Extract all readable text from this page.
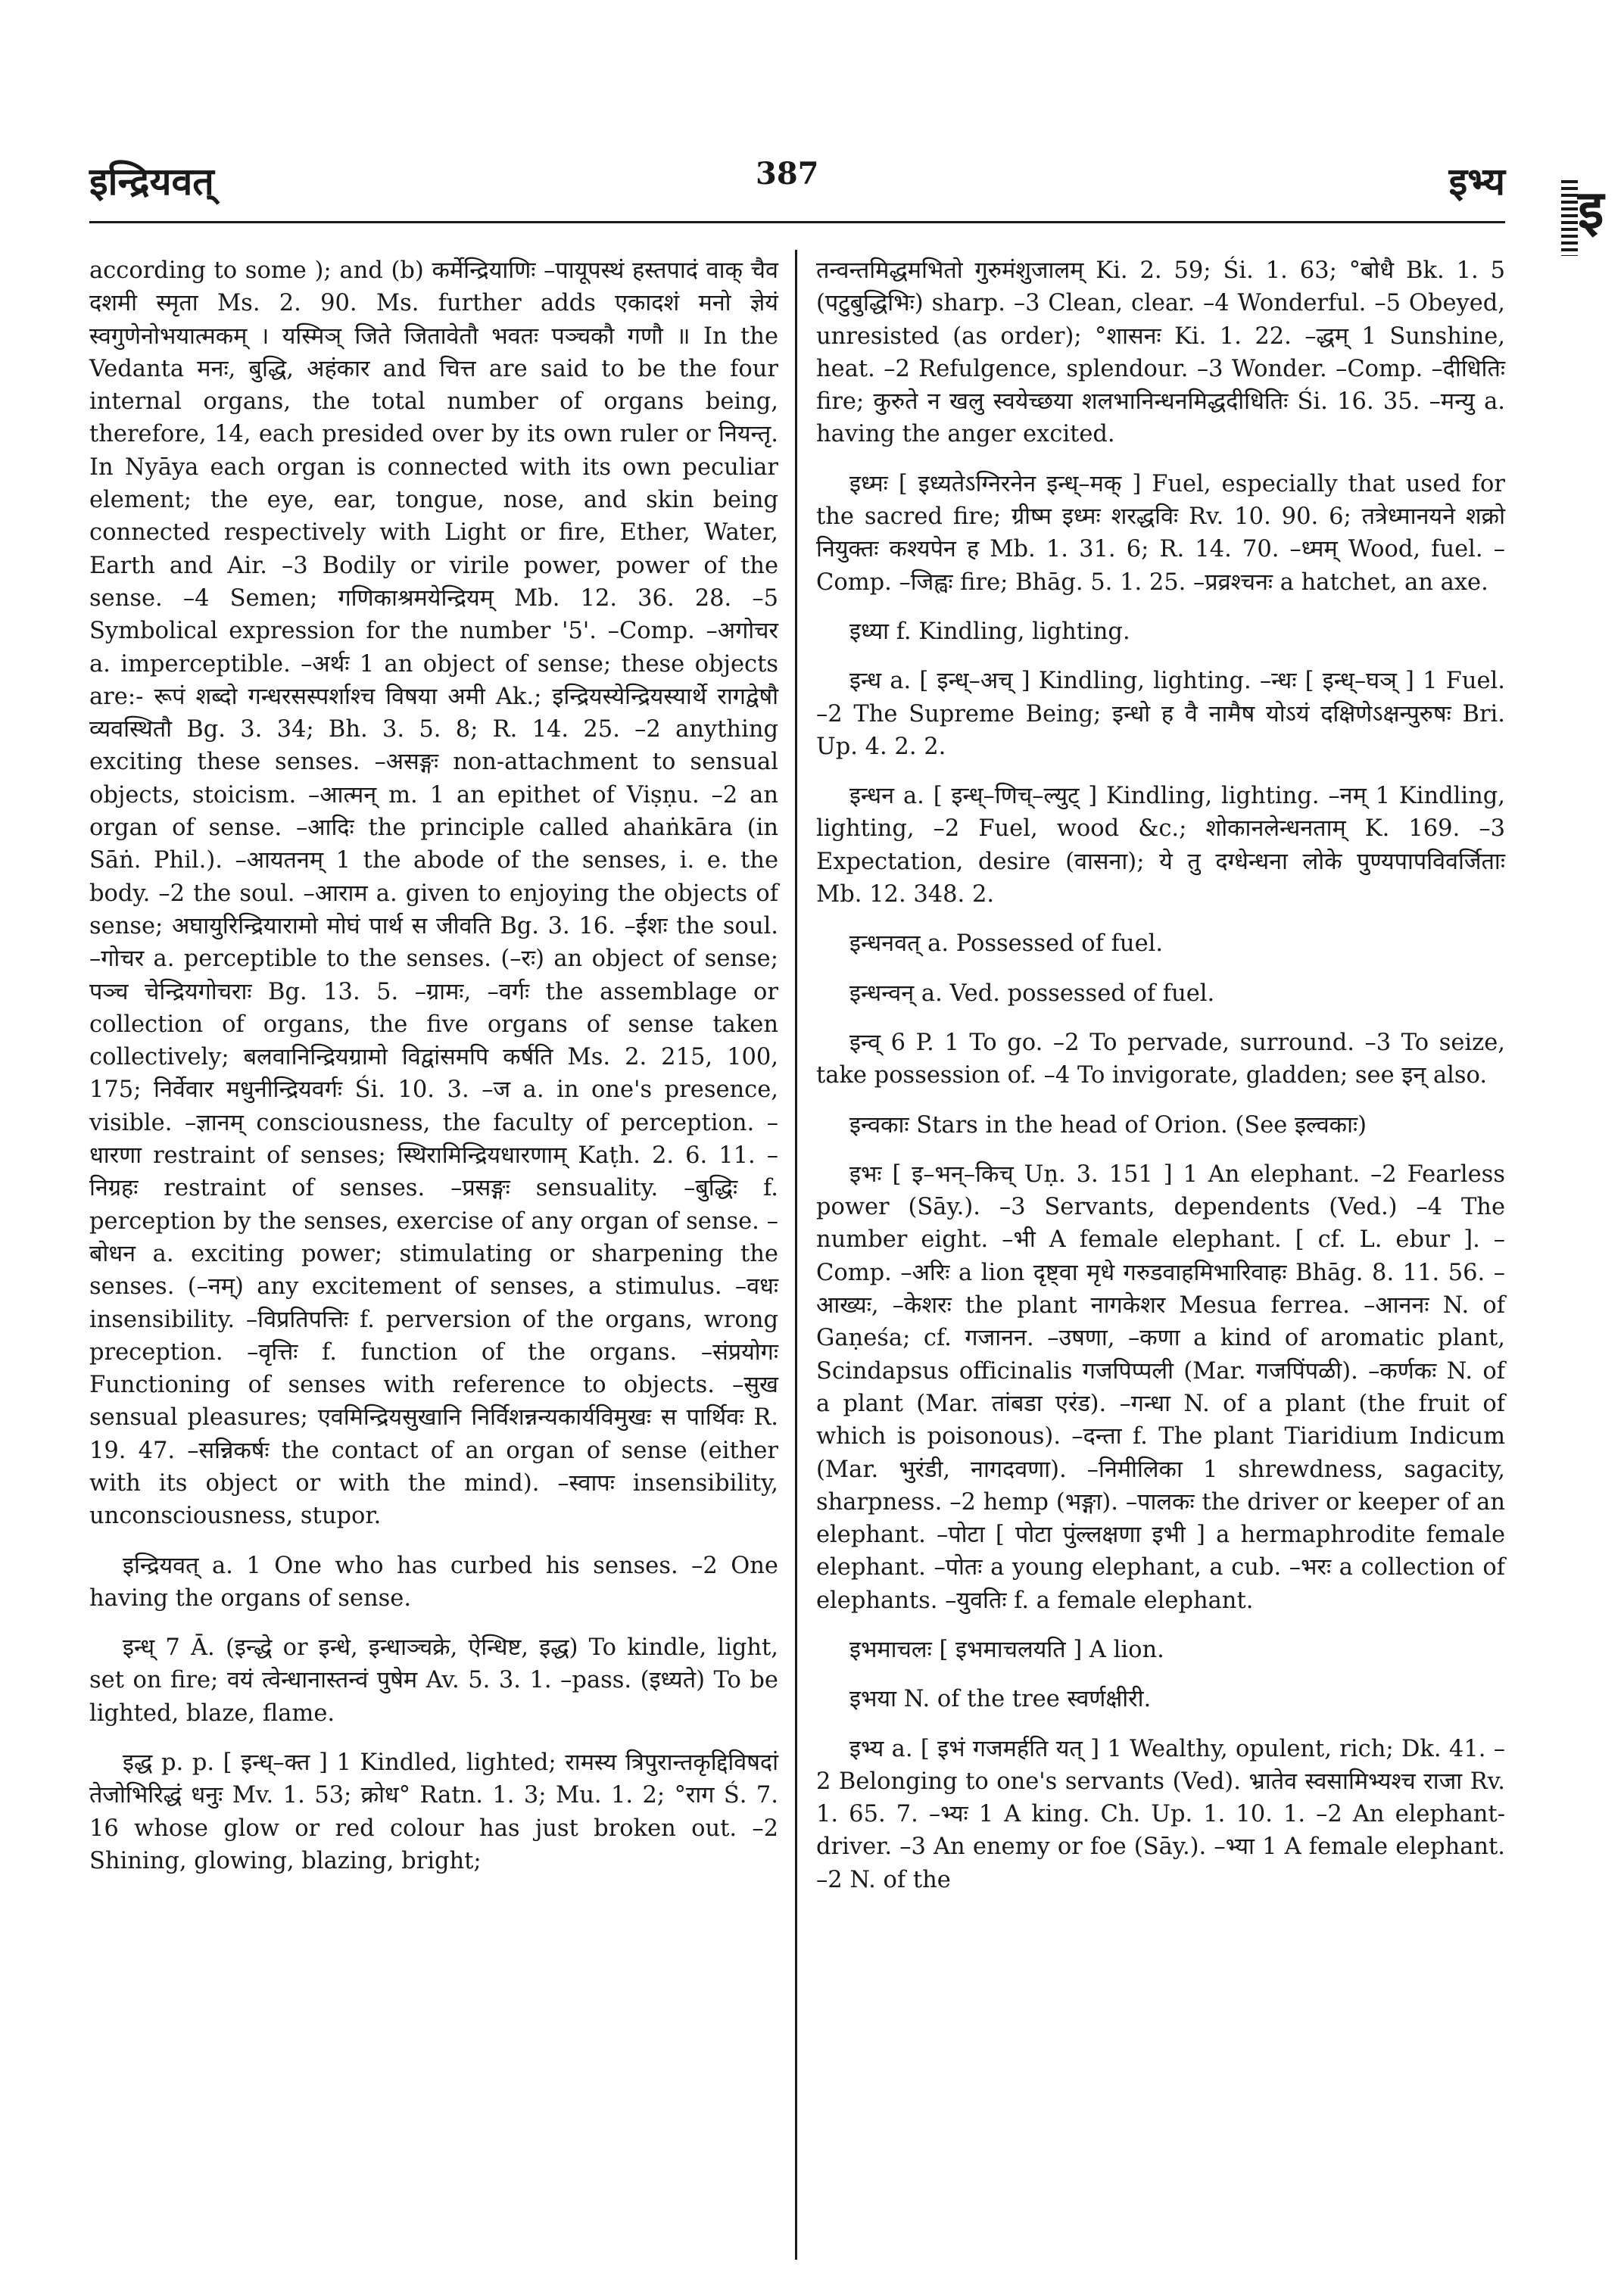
इन्द्रियवत्	387	इभ्य इ

according to some ); and (b) कर्मेन्द्रियाणिः –पायूपस्थं हस्तपादं वाक् चैव दशमी स्मृता Ms. 2. 90. Ms. further adds एकादशं मनो ज्ञेयं स्वगुणेनोभयात्मकम् । यस्मिञ् जिते जितावेतौ भवतः पञ्चकौ गणौ ॥ In the Vedanta मनः, बुद्धि, अहंकार and चित्त are said to be the four internal organs, the total number of organs being, therefore, 14, each presided over by its own ruler or नियन्तृ. In Nyāya each organ is connected with its own peculiar element; the eye, ear, tongue, nose, and skin being connected respectively with Light or fire, Ether, Water, Earth and Air. –3 Bodily or virile power, power of the sense. –4 Semen; गणिकाश्रमयेन्द्रियम् Mb. 12. 36. 28. –5 Symbolical expression for the number '5'. –Comp. –अगोचर a. imperceptible. –अर्थः 1 an object of sense; these objects are:- रूपं शब्दो गन्धरसस्पर्शाश्च विषया अमी Ak.; इन्द्रियस्येन्द्रियस्यार्थे रागद्वेषौ व्यवस्थितौ Bg. 3. 34; Bh. 3. 5. 8; R. 14. 25. –2 anything exciting these senses. –असङ्गः non-attachment to sensual objects, stoicism. –आत्मन् m. 1 an epithet of Viṣṇu. –2 an organ of sense. –आदिः the principle called ahaṅkāra (in Sāṅ. Phil.). –आयतनम् 1 the abode of the senses, i. e. the body. –2 the soul. –आराम a. given to enjoying the objects of sense; अघायुरिन्द्रियारामो मोघं पार्थ स जीवति Bg. 3. 16. –ईशः the soul. –गोचर a. perceptible to the senses. (–रः) an object of sense; पञ्च चेन्द्रियगोचराः Bg. 13. 5. –ग्रामः, –वर्गः the assemblage or collection of organs, the five organs of sense taken collectively; बलवानिन्द्रियग्रामो विद्वांसमपि कर्षति Ms. 2. 215, 100, 175; निर्वेवार मधुनीन्द्रियवर्गः Śi. 10. 3. –ज a. in one's presence, visible. –ज्ञानम् consciousness, the faculty of perception. –धारणा restraint of senses; स्थिरामिन्द्रियधारणाम् Kaṭh. 2. 6. 11. –निग्रहः restraint of senses. –प्रसङ्गः sensuality. –बुद्धिः f. perception by the senses, exercise of any organ of sense. –बोधन a. exciting power; stimulating or sharpening the senses. (–नम्) any excitement of senses, a stimulus. –वधः insensibility. –विप्रतिपत्तिः f. perversion of the organs, wrong preception. –वृत्तिः f. function of the organs. –संप्रयोगः Functioning of senses with reference to objects. –सुख sensual pleasures; एवमिन्द्रियसुखानि निर्विशन्नन्यकार्यविमुखः स पार्थिवः R. 19. 47. –सन्निकर्षः the contact of an organ of sense (either with its object or with the mind). –स्वापः insensibility, unconsciousness, stupor.

इन्द्रियवत् a. 1 One who has curbed his senses. –2 One having the organs of sense.

इन्ध् 7 Ā. (इन्द्धे or इन्धे, इन्धाञ्चक्रे, ऐन्धिष्ट, इद्ध) To kindle, light, set on fire; वयं त्वेन्धानास्तन्वं पुषेम Av. 5. 3. 1. –pass. (इध्यते) To be lighted, blaze, flame.

इद्ध p. p. [ इन्ध्–क्त ] 1 Kindled, lighted; रामस्य त्रिपुरान्तकृद्दिविषदां तेजोभिरिद्धं धनुः Mv. 1. 53; क्रोध° Ratn. 1. 3; Mu. 1. 2; °राग Ś. 7. 16 whose glow or red colour has just broken out. –2 Shining, glowing, blazing, bright;

तन्वन्तमिद्धमभितो गुरुमंशुजालम् Ki. 2. 59; Śi. 1. 63; °बोधै Bk. 1. 5 (पटुबुद्धिभिः) sharp. –3 Clean, clear. –4 Wonderful. –5 Obeyed, unresisted (as order); °शासनः Ki. 1. 22. –द्धम् 1 Sunshine, heat. –2 Refulgence, splendour. –3 Wonder. –Comp. –दीधितिः fire; कुरुते न खलु स्वयेच्छया शलभानिन्धनमिद्धदीधितिः Śi. 16. 35. –मन्यु a. having the anger excited.

इध्मः [ इध्यतेऽग्निरनेन इन्ध्–मक् ] Fuel, especially that used for the sacred fire; ग्रीष्म इध्मः शरद्धविः Rv. 10. 90. 6; तत्रेध्मानयने शक्रो नियुक्तः कश्यपेन ह Mb. 1. 31. 6; R. 14. 70. –ध्मम् Wood, fuel. –Comp. –जिह्वः fire; Bhāg. 5. 1. 25. –प्रव्रश्चनः a hatchet, an axe.

इध्या f. Kindling, lighting.

इन्ध a. [ इन्ध्–अच् ] Kindling, lighting. –न्धः [ इन्ध्–घञ् ] 1 Fuel. –2 The Supreme Being; इन्धो ह वै नामैष योऽयं दक्षिणेऽक्षन्पुरुषः Bri. Up. 4. 2. 2.

इन्धन a. [ इन्ध्–णिच्–ल्युट् ] Kindling, lighting. –नम् 1 Kindling, lighting, –2 Fuel, wood &c.; शोकानलेन्धनताम् K. 169. –3 Expectation, desire (वासना); ये तु दग्धेन्धना लोके पुण्यपापविवर्जिताः Mb. 12. 348. 2.

इन्धनवत् a. Possessed of fuel.

इन्धन्वन् a. Ved. possessed of fuel.

इन्व् 6 P. 1 To go. –2 To pervade, surround. –3 To seize, take possession of. –4 To invigorate, gladden; see इन् also.

इन्वकाः Stars in the head of Orion. (See इल्वकाः)

इभः [ इ–भन्–किच् Uṇ. 3. 151 ] 1 An elephant. –2 Fearless power (Sāy.). –3 Servants, dependents (Ved.) –4 The number eight. –भी A female elephant. [ cf. L. ebur ]. –Comp. –अरिः a lion दृष्ट्वा मृधे गरुडवाहमिभारिवाहः Bhāg. 8. 11. 56. –आख्यः, –केशरः the plant नागकेशर Mesua ferrea. –आननः N. of Gaṇeśa; cf. गजानन. –उषणा, –कणा a kind of aromatic plant, Scindapsus officinalis गजपिप्पली (Mar. गजपिंपळी). –कर्णकः N. of a plant (Mar. तांबडा एरंड). –गन्धा N. of a plant (the fruit of which is poisonous). –दन्ता f. The plant Tiaridium Indicum (Mar. भुरंडी, नागदवणा). –निमीलिका 1 shrewdness, sagacity, sharpness. –2 hemp (भङ्गा). –पालकः the driver or keeper of an elephant. –पोटा [ पोटा पुंल्लक्षणा इभी ] a hermaphrodite female elephant. –पोतः a young elephant, a cub. –भरः a collection of elephants. –युवतिः f. a female elephant.

इभमाचलः [ इभमाचलयति ] A lion.

इभया N. of the tree स्वर्णक्षीरी.

इभ्य a. [ इभं गजमर्हति यत् ] 1 Wealthy, opulent, rich; Dk. 41. –2 Belonging to one's servants (Ved). भ्रातेव स्वसामिभ्यश्च राजा Rv. 1. 65. 7. –भ्यः 1 A king. Ch. Up. 1. 10. 1. –2 An elephant-driver. –3 An enemy or foe (Sāy.). –भ्या 1 A female elephant. –2 N. of the
